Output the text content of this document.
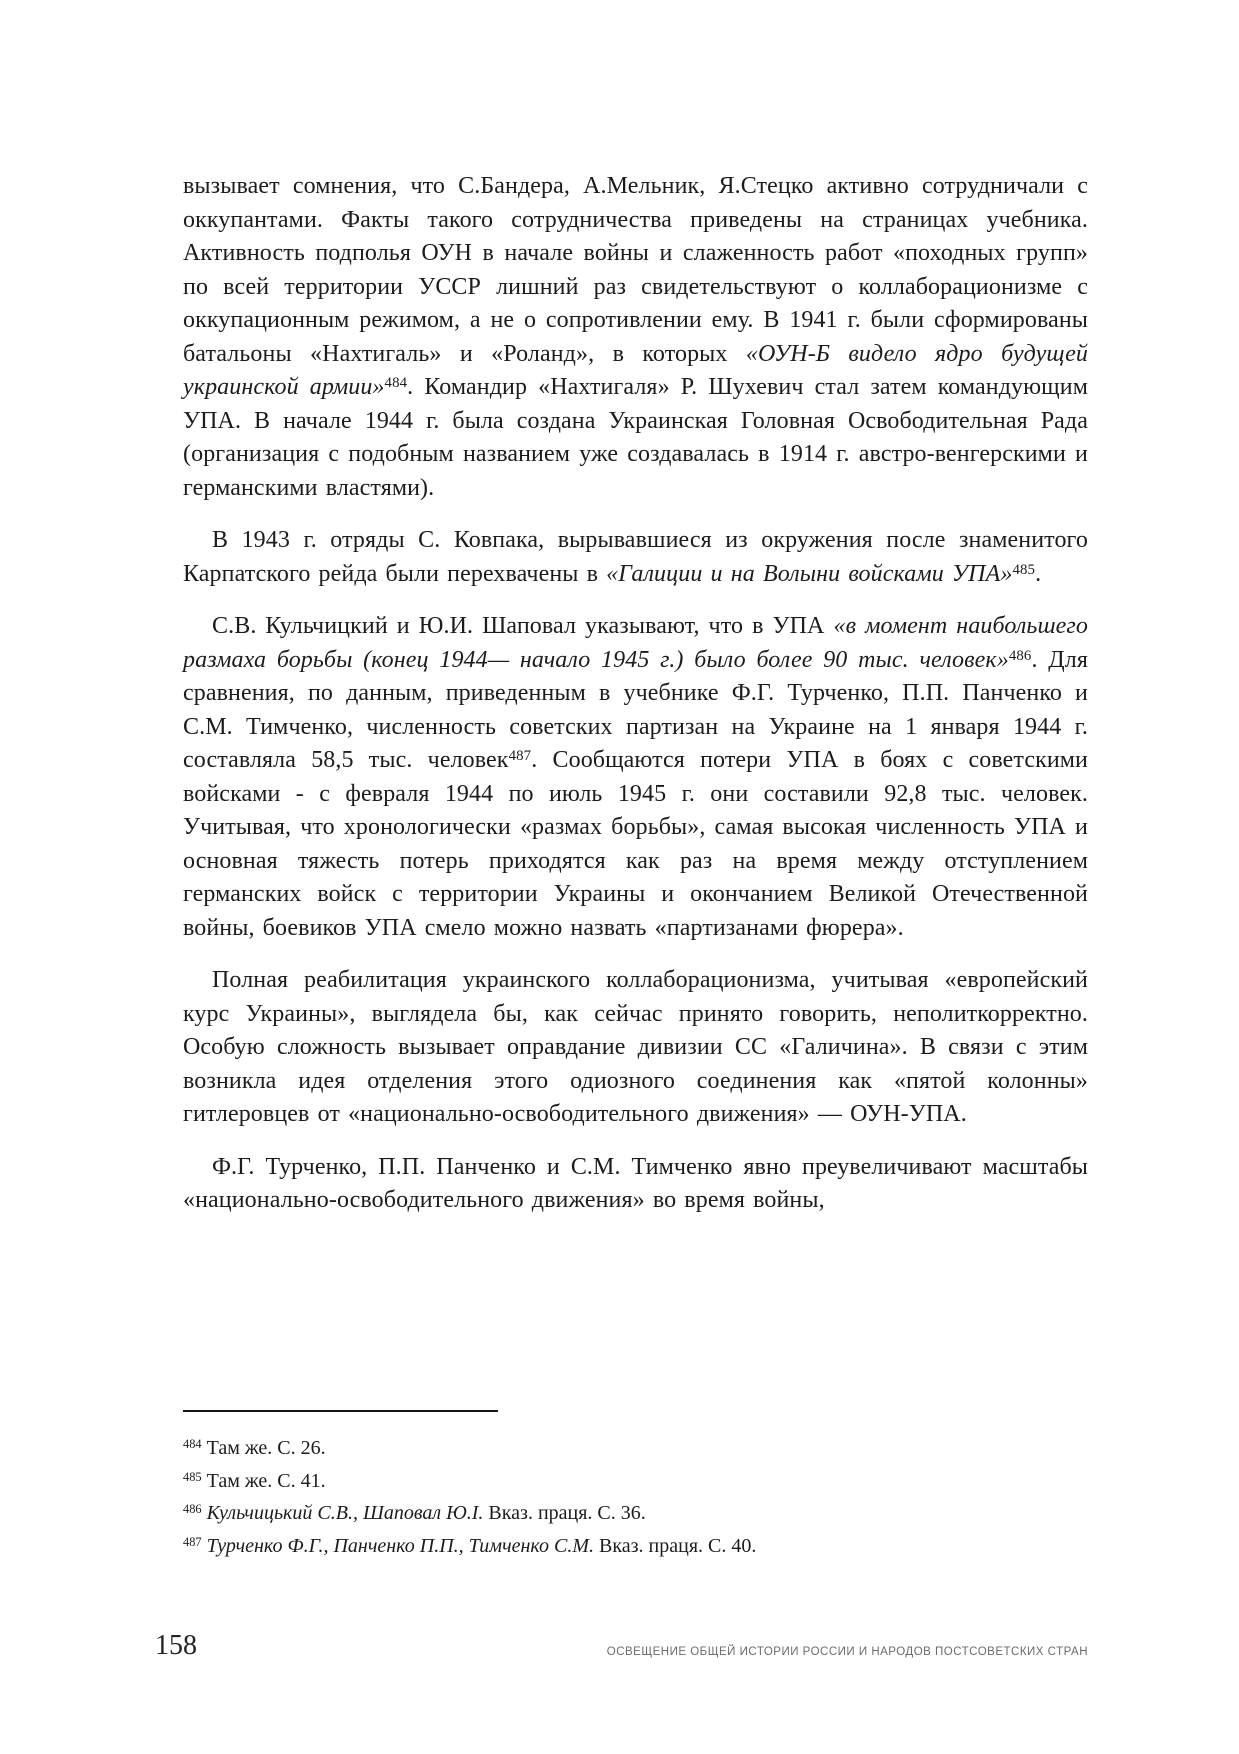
вызывает сомнения, что С.Бандера, А.Мельник, Я.Стецко активно сотрудничали с оккупантами. Факты такого сотрудничества приведены на страницах учебника. Активность подполья ОУН в начале войны и слаженность работ «походных групп» по всей территории УССР лишний раз свидетельствуют о коллаборационизме с оккупационным режимом, а не о сопротивлении ему. В 1941 г. были сформированы батальоны «Нахтигаль» и «Роланд», в которых «ОУН-Б видело ядро будущей украинской армии»$^{484}$. Командир «Нахтигаля» Р. Шухевич стал затем командующим УПА. В начале 1944 г. была создана Украинская Головная Освободительная Рада (организация с подобным названием уже создавалась в 1914 г. австро-венгерскими и германскими властями).

В 1943 г. отряды С. Ковпака, вырывавшиеся из окружения после знаменитого Карпатского рейда были перехвачены в «Галиции и на Волыни войсками УПА»$^{485}$.

С.В. Кульчицкий и Ю.И. Шаповал указывают, что в УПА «в момент наибольшего размаха борьбы (конец 1944— начало 1945 г.) было более 90 тыс. человек»$^{486}$. Для сравнения, по данным, приведенным в учебнике Ф.Г. Турченко, П.П. Панченко и С.М. Тимченко, численность советских партизан на Украине на 1 января 1944 г. составляла 58,5 тыс. человек$^{487}$. Сообщаются потери УПА в боях с советскими войсками - с февраля 1944 по июль 1945 г. они составили 92,8 тыс. человек. Учитывая, что хронологически «размах борьбы», самая высокая численность УПА и основная тяжесть потерь приходятся как раз на время между отступлением германских войск с территории Украины и окончанием Великой Отечественной войны, боевиков УПА смело можно назвать «партизанами фюрера».

Полная реабилитация украинского коллаборационизма, учитывая «европейский курс Украины», выглядела бы, как сейчас принято говорить, неполиткорректно. Особую сложность вызывает оправдание дивизии СС «Галичина». В связи с этим возникла идея отделения этого одиозного соединения как «пятой колонны» гитлеровцев от «национально-освободительного движения» — ОУН-УПА.

Ф.Г. Турченко, П.П. Панченко и С.М. Тимченко явно преувеличивают масштабы «национально-освободительного движения» во время войны,

$^{484}$ Там же. С. 26.

$^{485}$ Там же. С. 41.

$^{486}$ Кульчицький С.В., Шаповал Ю.І. Вказ. праця. С. 36.

$^{487}$ Турченко Ф.Г., Панченко П.П., Тимченко С.М. Вказ. праця. С. 40.

158	ОСВЕЩЕНИЕ ОБЩЕЙ ИСТОРИИ РОССИИ И НАРОДОВ ПОСТСОВЕТСКИХ СТРАН
